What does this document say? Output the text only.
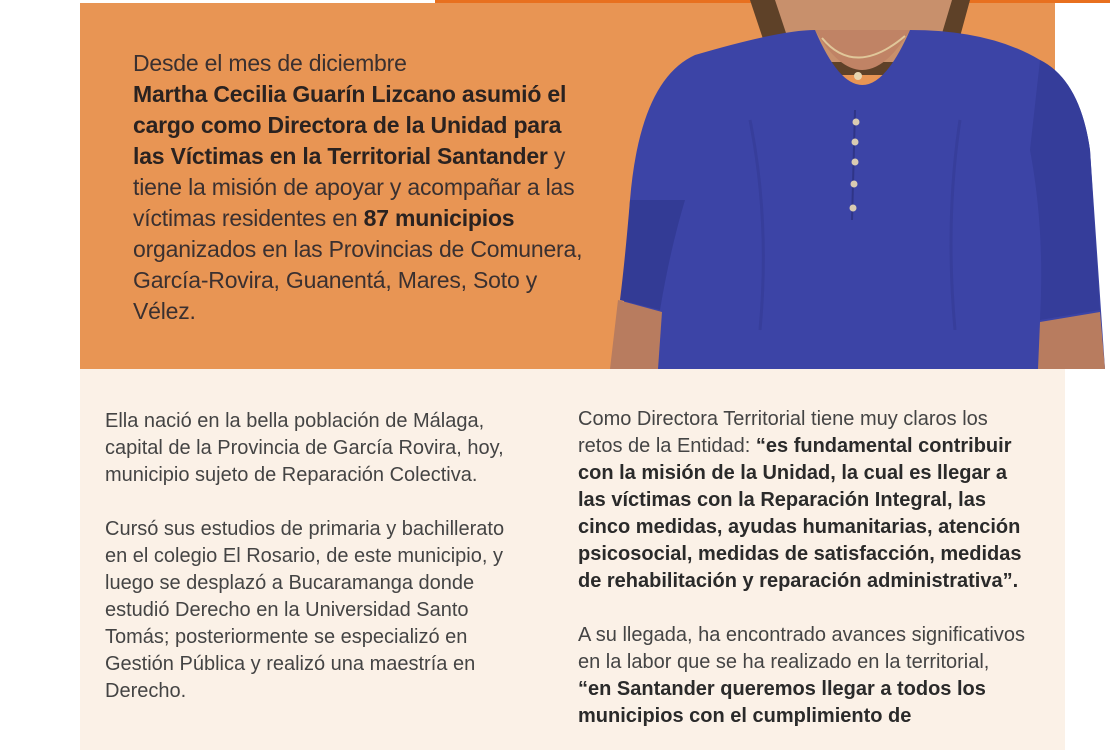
Desde el mes de diciembre
Martha Cecilia Guarín Lizcano asumió el cargo como Directora de la Unidad para las Víctimas en la Territorial Santander y tiene la misión de apoyar y acompañar a las víctimas residentes en 87 municipios organizados en las Provincias de Comunera, García-Rovira, Guanentá, Mares, Soto y Vélez.

Ella nació en la bella población de Málaga, capital de la Provincia de García Rovira, hoy, municipio sujeto de Reparación Colectiva.

Cursó sus estudios de primaria y bachillerato en el colegio El Rosario, de este municipio, y luego se desplazó a Bucaramanga donde estudió Derecho en la Universidad Santo Tomás; posteriormente se especializó en Gestión Pública y realizó una maestría en Derecho.

Como Directora Territorial tiene muy claros los retos de la Entidad: “es fundamental contribuir con la misión de la Unidad, la cual es llegar a las víctimas con la Reparación Integral, las cinco medidas, ayudas humanitarias, atención psicosocial, medidas de satisfacción, medidas de rehabilitación y reparación administrativa”.

A su llegada, ha encontrado avances significativos en la labor que se ha realizado en la territorial, “en Santander queremos llegar a todos los municipios con el cumplimiento de
